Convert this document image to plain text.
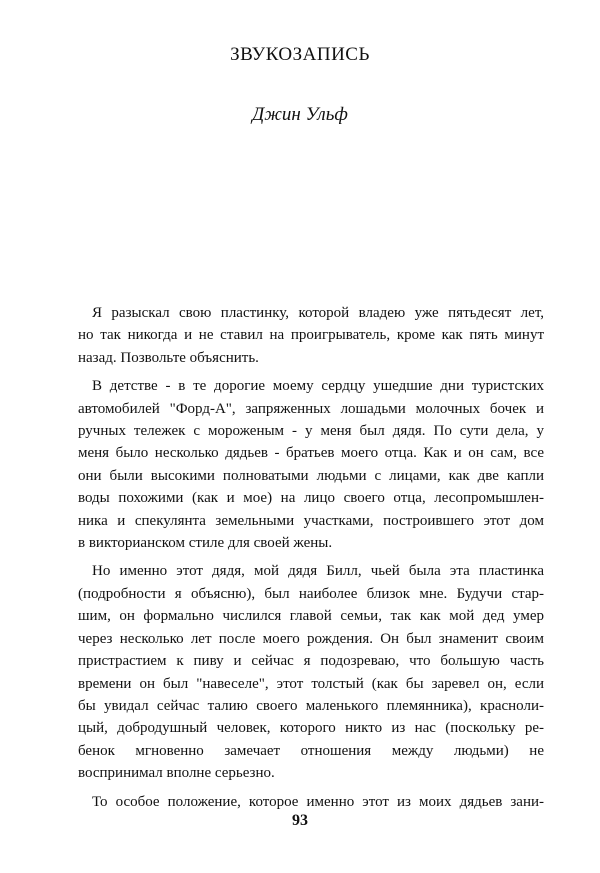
ЗВУКОЗАПИСЬ
Джин Ульф
Я разыскал свою пластинку, которой владею уже пятьдесят лет,
но так никогда и не ставил на проигрыватель, кроме как пять минут
назад. Позвольте объяснить.
В детстве - в те дорогие моему сердцу ушедшие дни туристских
автомобилей "Форд-А", запряженных лошадьми молочных бочек и
ручных тележек с мороженым - у меня был дядя. По сути дела, у
меня было несколько дядьев - братьев моего отца. Как и он сам, все
они были высокими полноватыми людьми с лицами, как две капли
воды похожими (как и мое) на лицо своего отца, лесопромышлен-
ника и спекулянта земельными участками, построившего этот дом
в викторианском стиле для своей жены.
Но именно этот дядя, мой дядя Билл, чьей была эта пластинка
(подробности я объясню), был наиболее близок мне. Будучи стар-
шим, он формально числился главой семьи, так как мой дед умер
через несколько лет после моего рождения. Он был знаменит своим
пристрастием к пиву и сейчас я подозреваю, что большую часть
времени он был "навеселе", этот толстый (как бы заревел он, если
бы увидал сейчас талию своего маленького племянника), красноли-
цый, добродушный человек, которого никто из нас (поскольку ре-
бенок мгновенно замечает отношения между людьми) не
воспринимал вполне серьезно.
То особое положение, которое именно этот из моих дядьев зани-
93
